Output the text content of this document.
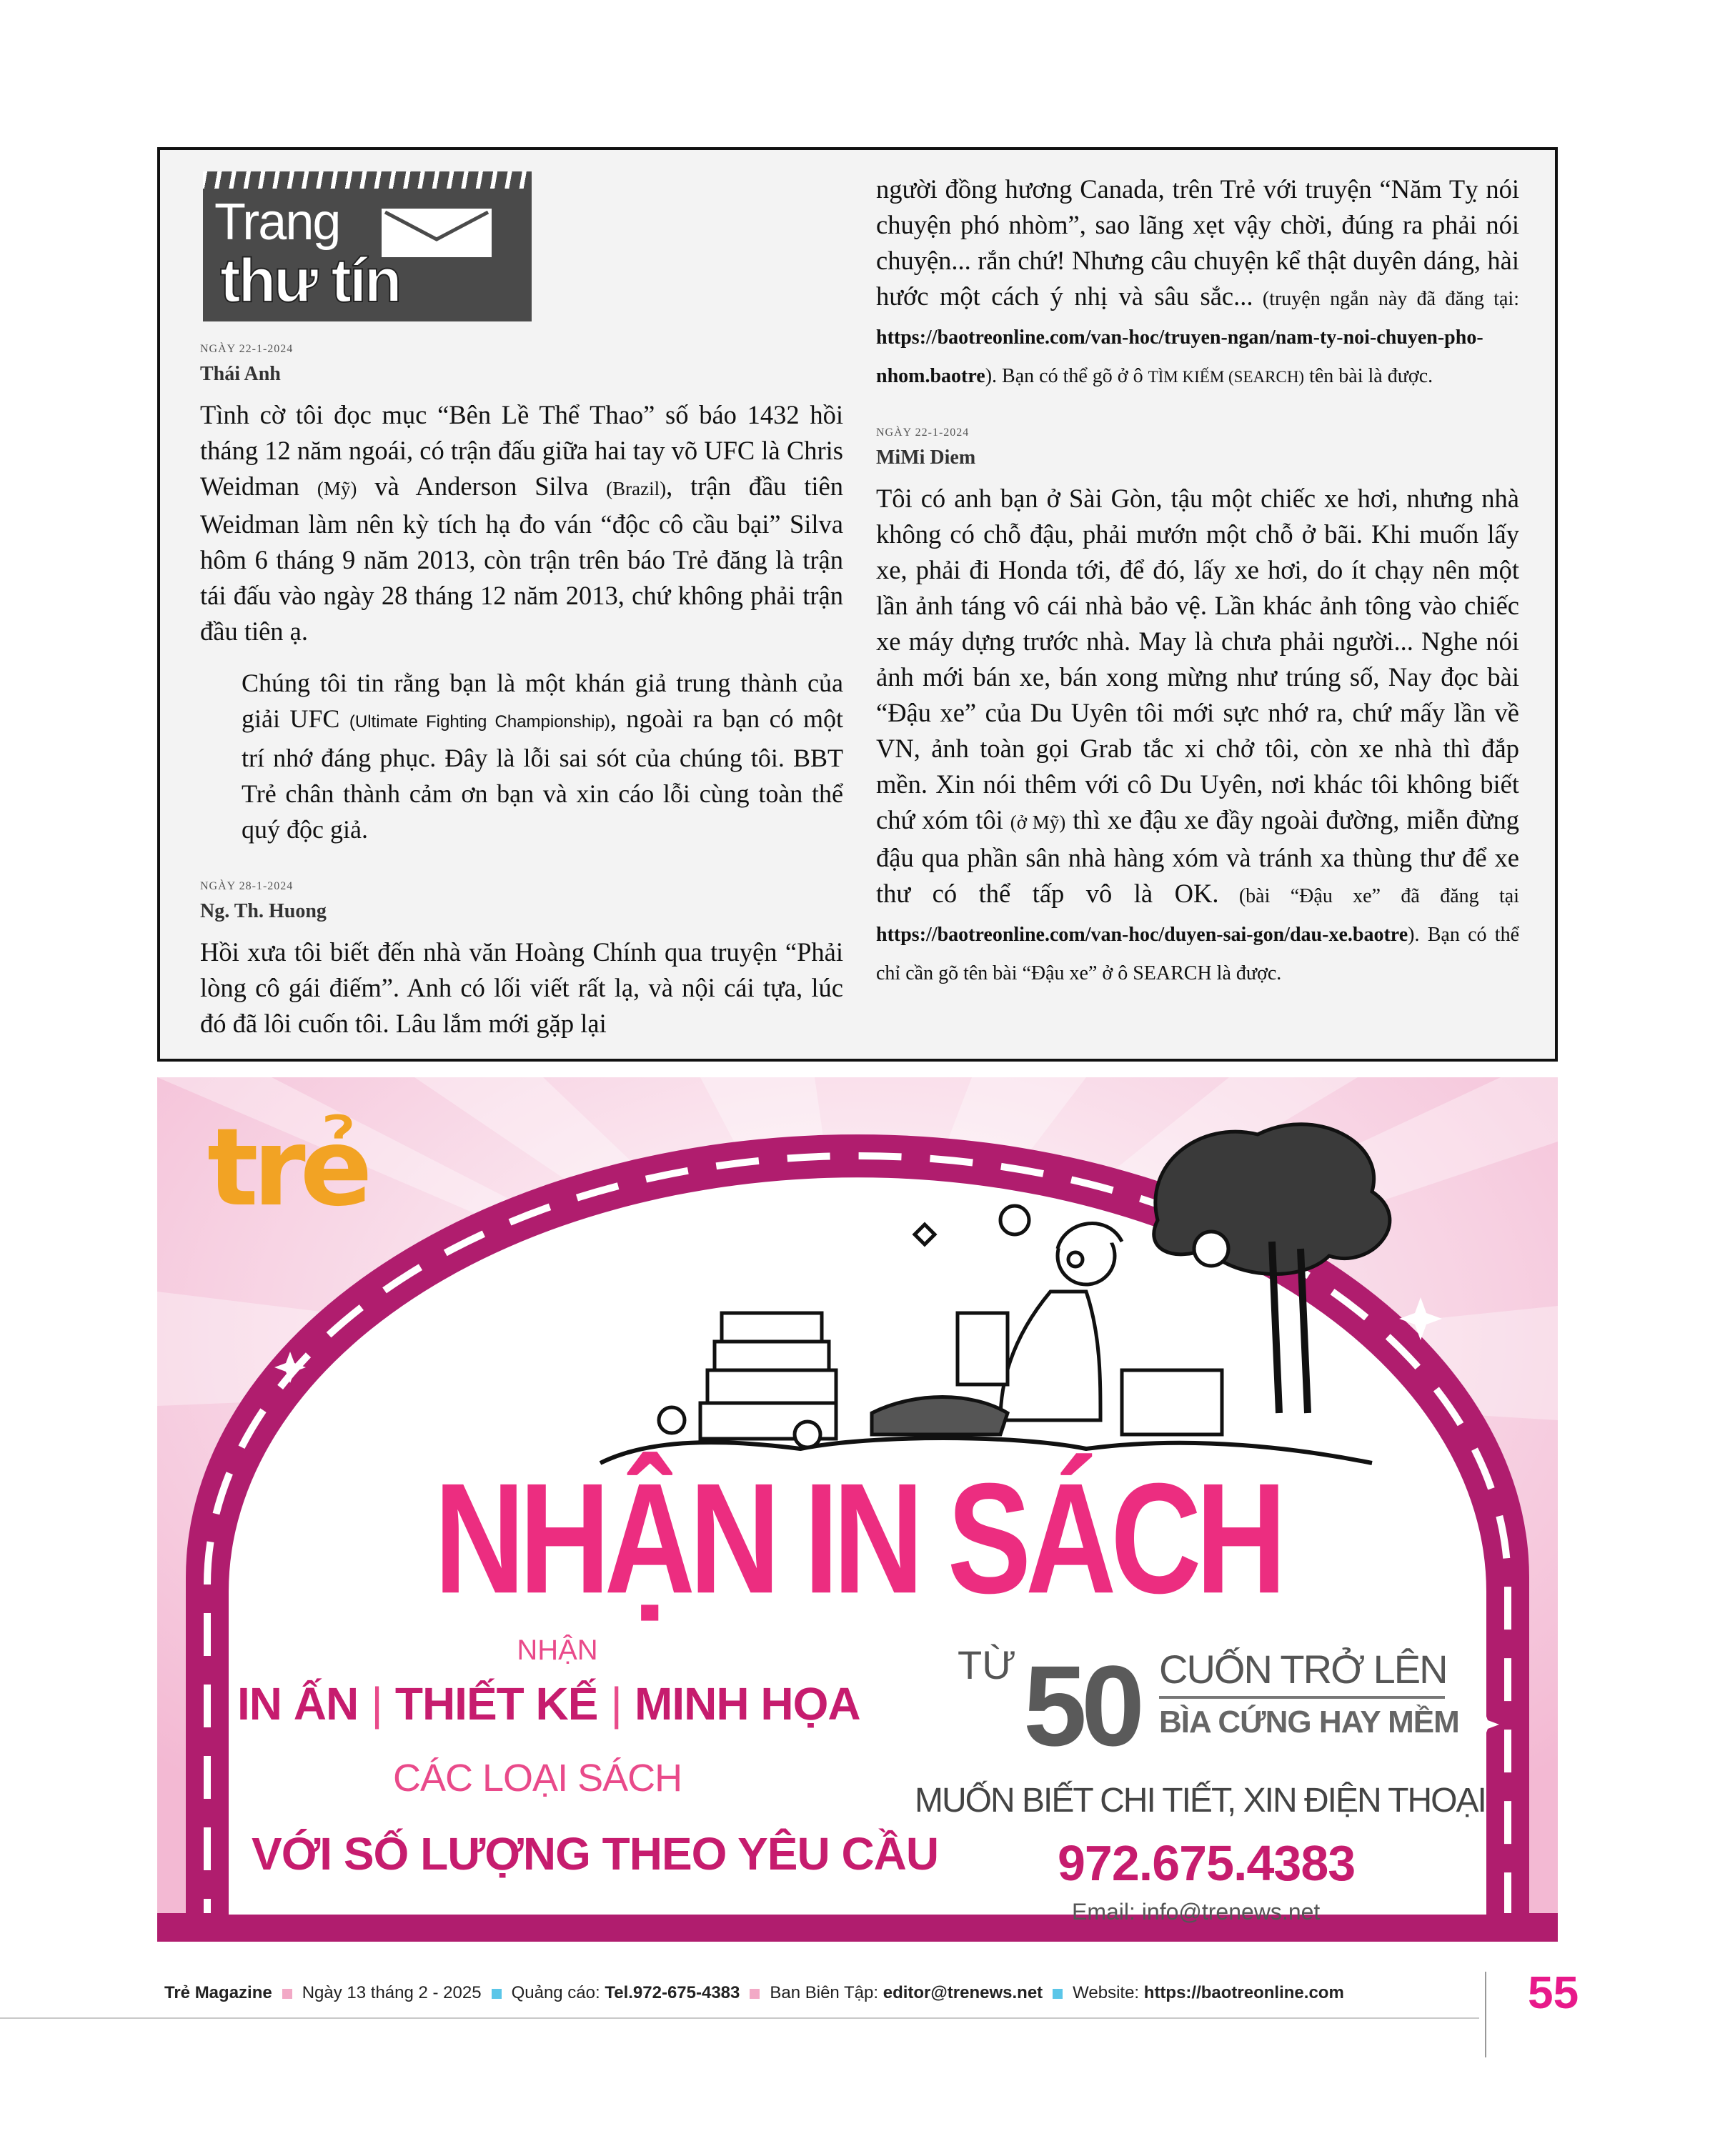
Trang
thư tín
NGÀY 22-1-2024
Thái Anh
Tình cờ tôi đọc mục “Bên Lề Thể Thao” số báo 1432 hồi tháng 12 năm ngoái, có trận đấu giữa hai tay võ UFC là Chris Weidman (Mỹ) và Anderson Silva (Brazil), trận đầu tiên Weidman làm nên kỳ tích hạ đo ván “độc cô cầu bại” Silva hôm 6 tháng 9 năm 2013, còn trận trên báo Trẻ đăng là trận tái đấu vào ngày 28 tháng 12 năm 2013, chứ không phải trận đầu tiên ạ.
Chúng tôi tin rằng bạn là một khán giả trung thành của giải UFC (Ultimate Fighting Championship), ngoài ra bạn có một trí nhớ đáng phục. Đây là lỗi sai sót của chúng tôi. BBT Trẻ chân thành cảm ơn bạn và xin cáo lỗi cùng toàn thể quý độc giả.
NGÀY 28-1-2024
Ng. Th. Huong
Hồi xưa tôi biết đến nhà văn Hoàng Chính qua truyện “Phải lòng cô gái điếm”. Anh có lối viết rất lạ, và nội cái tựa, lúc đó đã lôi cuốn tôi. Lâu lắm mới gặp lại
người đồng hương Canada, trên Trẻ với truyện “Năm Tỵ nói chuyện phó nhòm”, sao lãng xẹt vậy chời, đúng ra phải nói chuyện... rắn chứ! Nhưng câu chuyện kể thật duyên dáng, hài hước một cách ý nhị và sâu sắc... (truyện ngắn này đã đăng tại: https://baotreonline.com/van-hoc/truyen-ngan/nam-ty-noi-chuyen-pho-nhom.baotre). Bạn có thể gõ ở ô TÌM KIẾM (SEARCH) tên bài là được.
NGÀY 22-1-2024
MiMi Diem
Tôi có anh bạn ở Sài Gòn, tậu một chiếc xe hơi, nhưng nhà không có chỗ đậu, phải mướn một chỗ ở bãi. Khi muốn lấy xe, phải đi Honda tới, để đó, lấy xe hơi, do ít chạy nên một lần ảnh táng vô cái nhà bảo vệ. Lần khác ảnh tông vào chiếc xe máy dựng trước nhà. May là chưa phải người... Nghe nói ảnh mới bán xe, bán xong mừng như trúng số, Nay đọc bài “Đậu xe” của Du Uyên tôi mới sực nhớ ra, chứ mấy lần về VN, ảnh toàn gọi Grab tắc xi chở tôi, còn xe nhà thì đắp mền. Xin nói thêm với cô Du Uyên, nơi khác tôi không biết chứ xóm tôi (ở Mỹ) thì xe đậu xe đầy ngoài đường, miễn đừng đậu qua phần sân nhà hàng xóm và tránh xa thùng thư để xe thư có thể tấp vô là OK. (bài “Đậu xe” đã đăng tại https://baotreonline.com/van-hoc/duyen-sai-gon/dau-xe.baotre). Bạn có thể chỉ cần gõ tên bài “Đậu xe” ở ô SEARCH là được.
trẻ
NHẬN IN SÁCH
NHẬN
IN ẤN | THIẾT KẾ | MINH HỌA
CÁC LOẠI SÁCH
VỚI SỐ LƯỢNG THEO YÊU CẦU
TỪ 50 CUỐN TRỞ LÊN
BÌA CỨNG HAY MỀM
MUỐN BIẾT CHI TIẾT, XIN ĐIỆN THOẠI
972.675.4383
Email: info@trenews.net
Trẻ Magazine Ngày 13 tháng 2 - 2025 Quảng cáo: Tel.972-675-4383 Ban Biên Tập: editor@trenews.net Website: https://baotreonline.com	55
